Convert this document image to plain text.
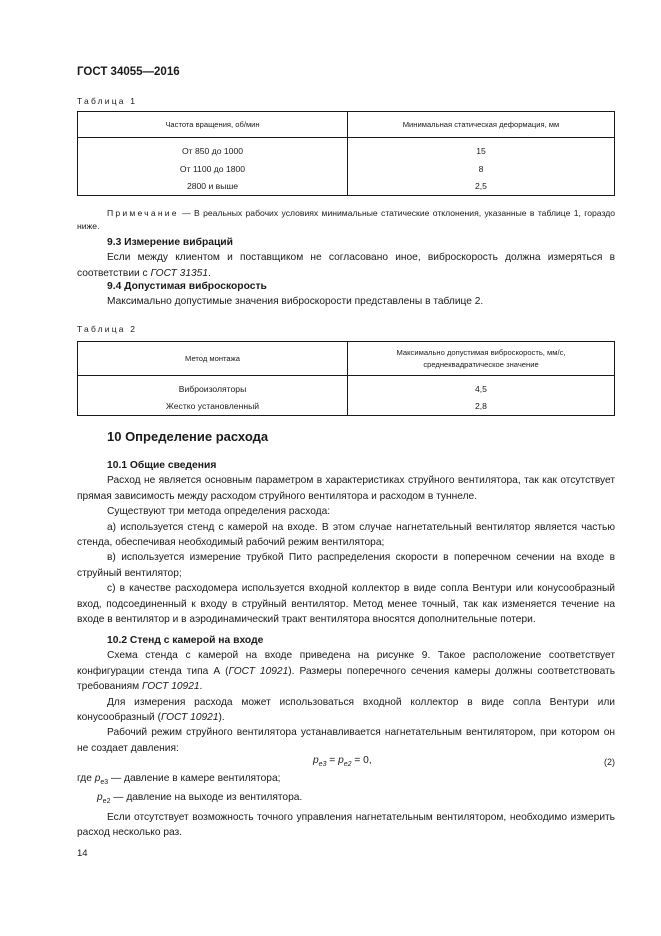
ГОСТ 34055—2016
Таблица 1
Частота вращения, об/мин	Минимальная статическая деформация, мм

От 850 до 1000	15
От 1100 до 1800	8
2800 и выше	2,5
Примечание — В реальных рабочих условиях минимальные статические отклонения, указанные в таблице 1, гораздо ниже.
9.3 Измерение вибраций
Если между клиентом и поставщиком не согласовано иное, виброскорость должна измеряться в соответствии с ГОСТ 31351.
9.4 Допустимая виброскорость
Максимально допустимые значения виброскорости представлены в таблице 2.
Таблица 2
Метод монтажа	Максимально допустимая виброскорость, мм/с,
среднеквадратическое значение

Виброизоляторы	4,5
Жестко установленный	2,8
10 Определение расхода
10.1 Общие сведения
Расход не является основным параметром в характеристиках струйного вентилятора, так как отсутствует прямая зависимость между расходом струйного вентилятора и расходом в туннеле.
Существуют три метода определения расхода:
а) используется стенд с камерой на входе. В этом случае нагнетательный вентилятор является частью стенда, обеспечивая необходимый рабочий режим вентилятора;
в) используется измерение трубкой Пито распределения скорости в поперечном сечении на входе в струйный вентилятор;
с) в качестве расходомера используется входной коллектор в виде сопла Вентури или конусообразный вход, подсоединенный к входу в струйный вентилятор. Метод менее точный, так как изменяется течение на входе в вентилятор и в аэродинамический тракт вентилятора вносятся дополнительные потери.
10.2 Стенд с камерой на входе
Схема стенда с камерой на входе приведена на рисунке 9. Такое расположение соответствует конфигурации стенда типа А (ГОСТ 10921). Размеры поперечного сечения камеры должны соответствовать требованиям ГОСТ 10921.
Для измерения расхода может использоваться входной коллектор в виде сопла Вентури или конусообразный (ГОСТ 10921).
Рабочий режим струйного вентилятора устанавливается нагнетательным вентилятором, при котором он не создает давления:
$p_{e3} = p_{e2} = 0$,	(2)
где $p_{e3}$ — давление в камере вентилятора;
$p_{e2}$ — давление на выходе из вентилятора.
Если отсутствует возможность точного управления нагнетательным вентилятором, необходимо измерить расход несколько раз.
14
